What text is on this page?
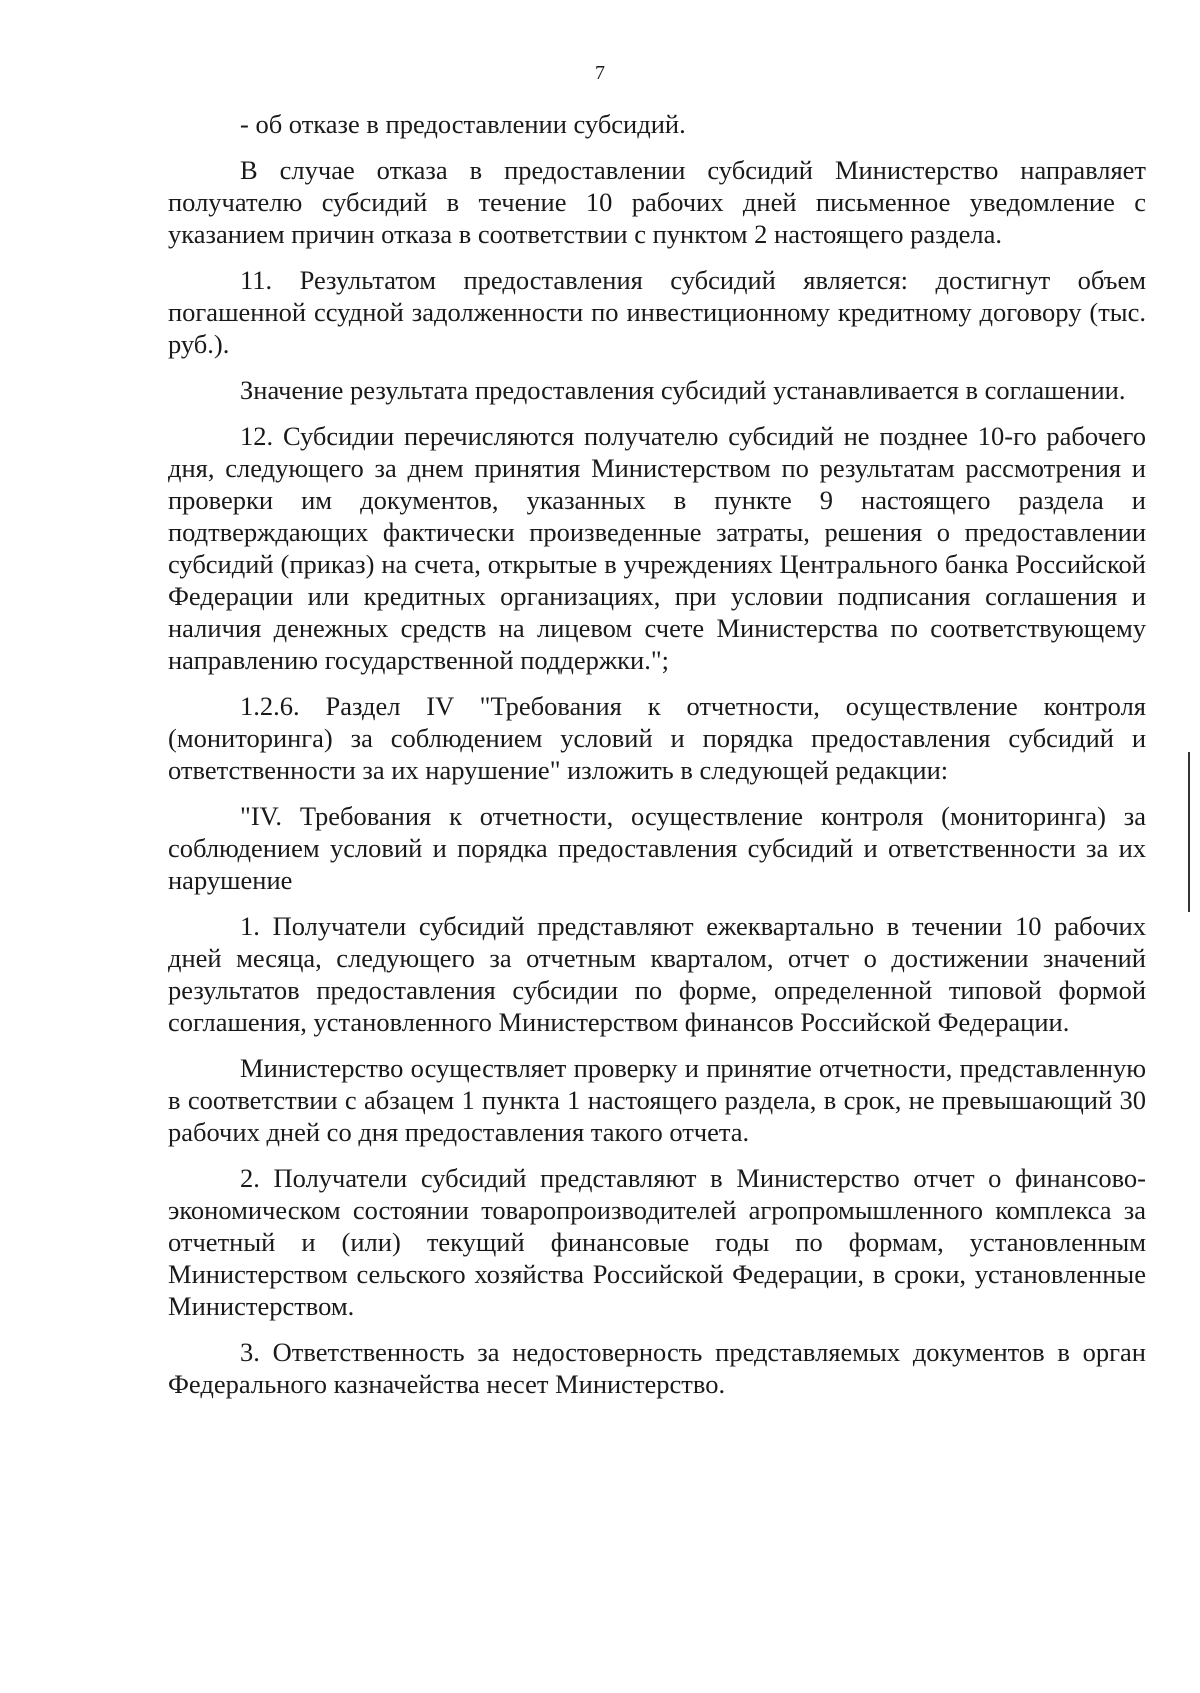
7

- об отказе в предоставлении субсидий.

В случае отказа в предоставлении субсидий Министерство направляет получателю субсидий в течение 10 рабочих дней письменное уведомление с указанием причин отказа в соответствии с пунктом 2 настоящего раздела.

11. Результатом предоставления субсидий является: достигнут объем погашенной ссудной задолженности по инвестиционному кредитному договору (тыс. руб.).

Значение результата предоставления субсидий устанавливается в соглашении.

12. Субсидии перечисляются получателю субсидий не позднее 10-го рабочего дня, следующего за днем принятия Министерством по результатам рассмотрения и проверки им документов, указанных в пункте 9 настоящего раздела и подтверждающих фактически произведенные затраты, решения о предоставлении субсидий (приказ) на счета, открытые в учреждениях Центрального банка Российской Федерации или кредитных организациях, при условии подписания соглашения и наличия денежных средств на лицевом счете Министерства по соответствующему направлению государственной поддержки.";

1.2.6. Раздел IV "Требования к отчетности, осуществление контроля (мониторинга) за соблюдением условий и порядка предоставления субсидий и ответственности за их нарушение" изложить в следующей редакции:

"IV. Требования к отчетности, осуществление контроля (мониторинга) за соблюдением условий и порядка предоставления субсидий и ответственности за их нарушение

1. Получатели субсидий представляют ежеквартально в течении 10 рабочих дней месяца, следующего за отчетным кварталом, отчет о достижении значений результатов предоставления субсидии по форме, определенной типовой формой соглашения, установленного Министерством финансов Российской Федерации.

Министерство осуществляет проверку и принятие отчетности, представленную в соответствии с абзацем 1 пункта 1 настоящего раздела, в срок, не превышающий 30 рабочих дней со дня предоставления такого отчета.

2. Получатели субсидий представляют в Министерство отчет о финансово-экономическом состоянии товаропроизводителей агропромышленного комплекса за отчетный и (или) текущий финансовые годы по формам, установленным Министерством сельского хозяйства Российской Федерации, в сроки, установленные Министерством.

3. Ответственность за недостоверность представляемых документов в орган Федерального казначейства несет Министерство.
